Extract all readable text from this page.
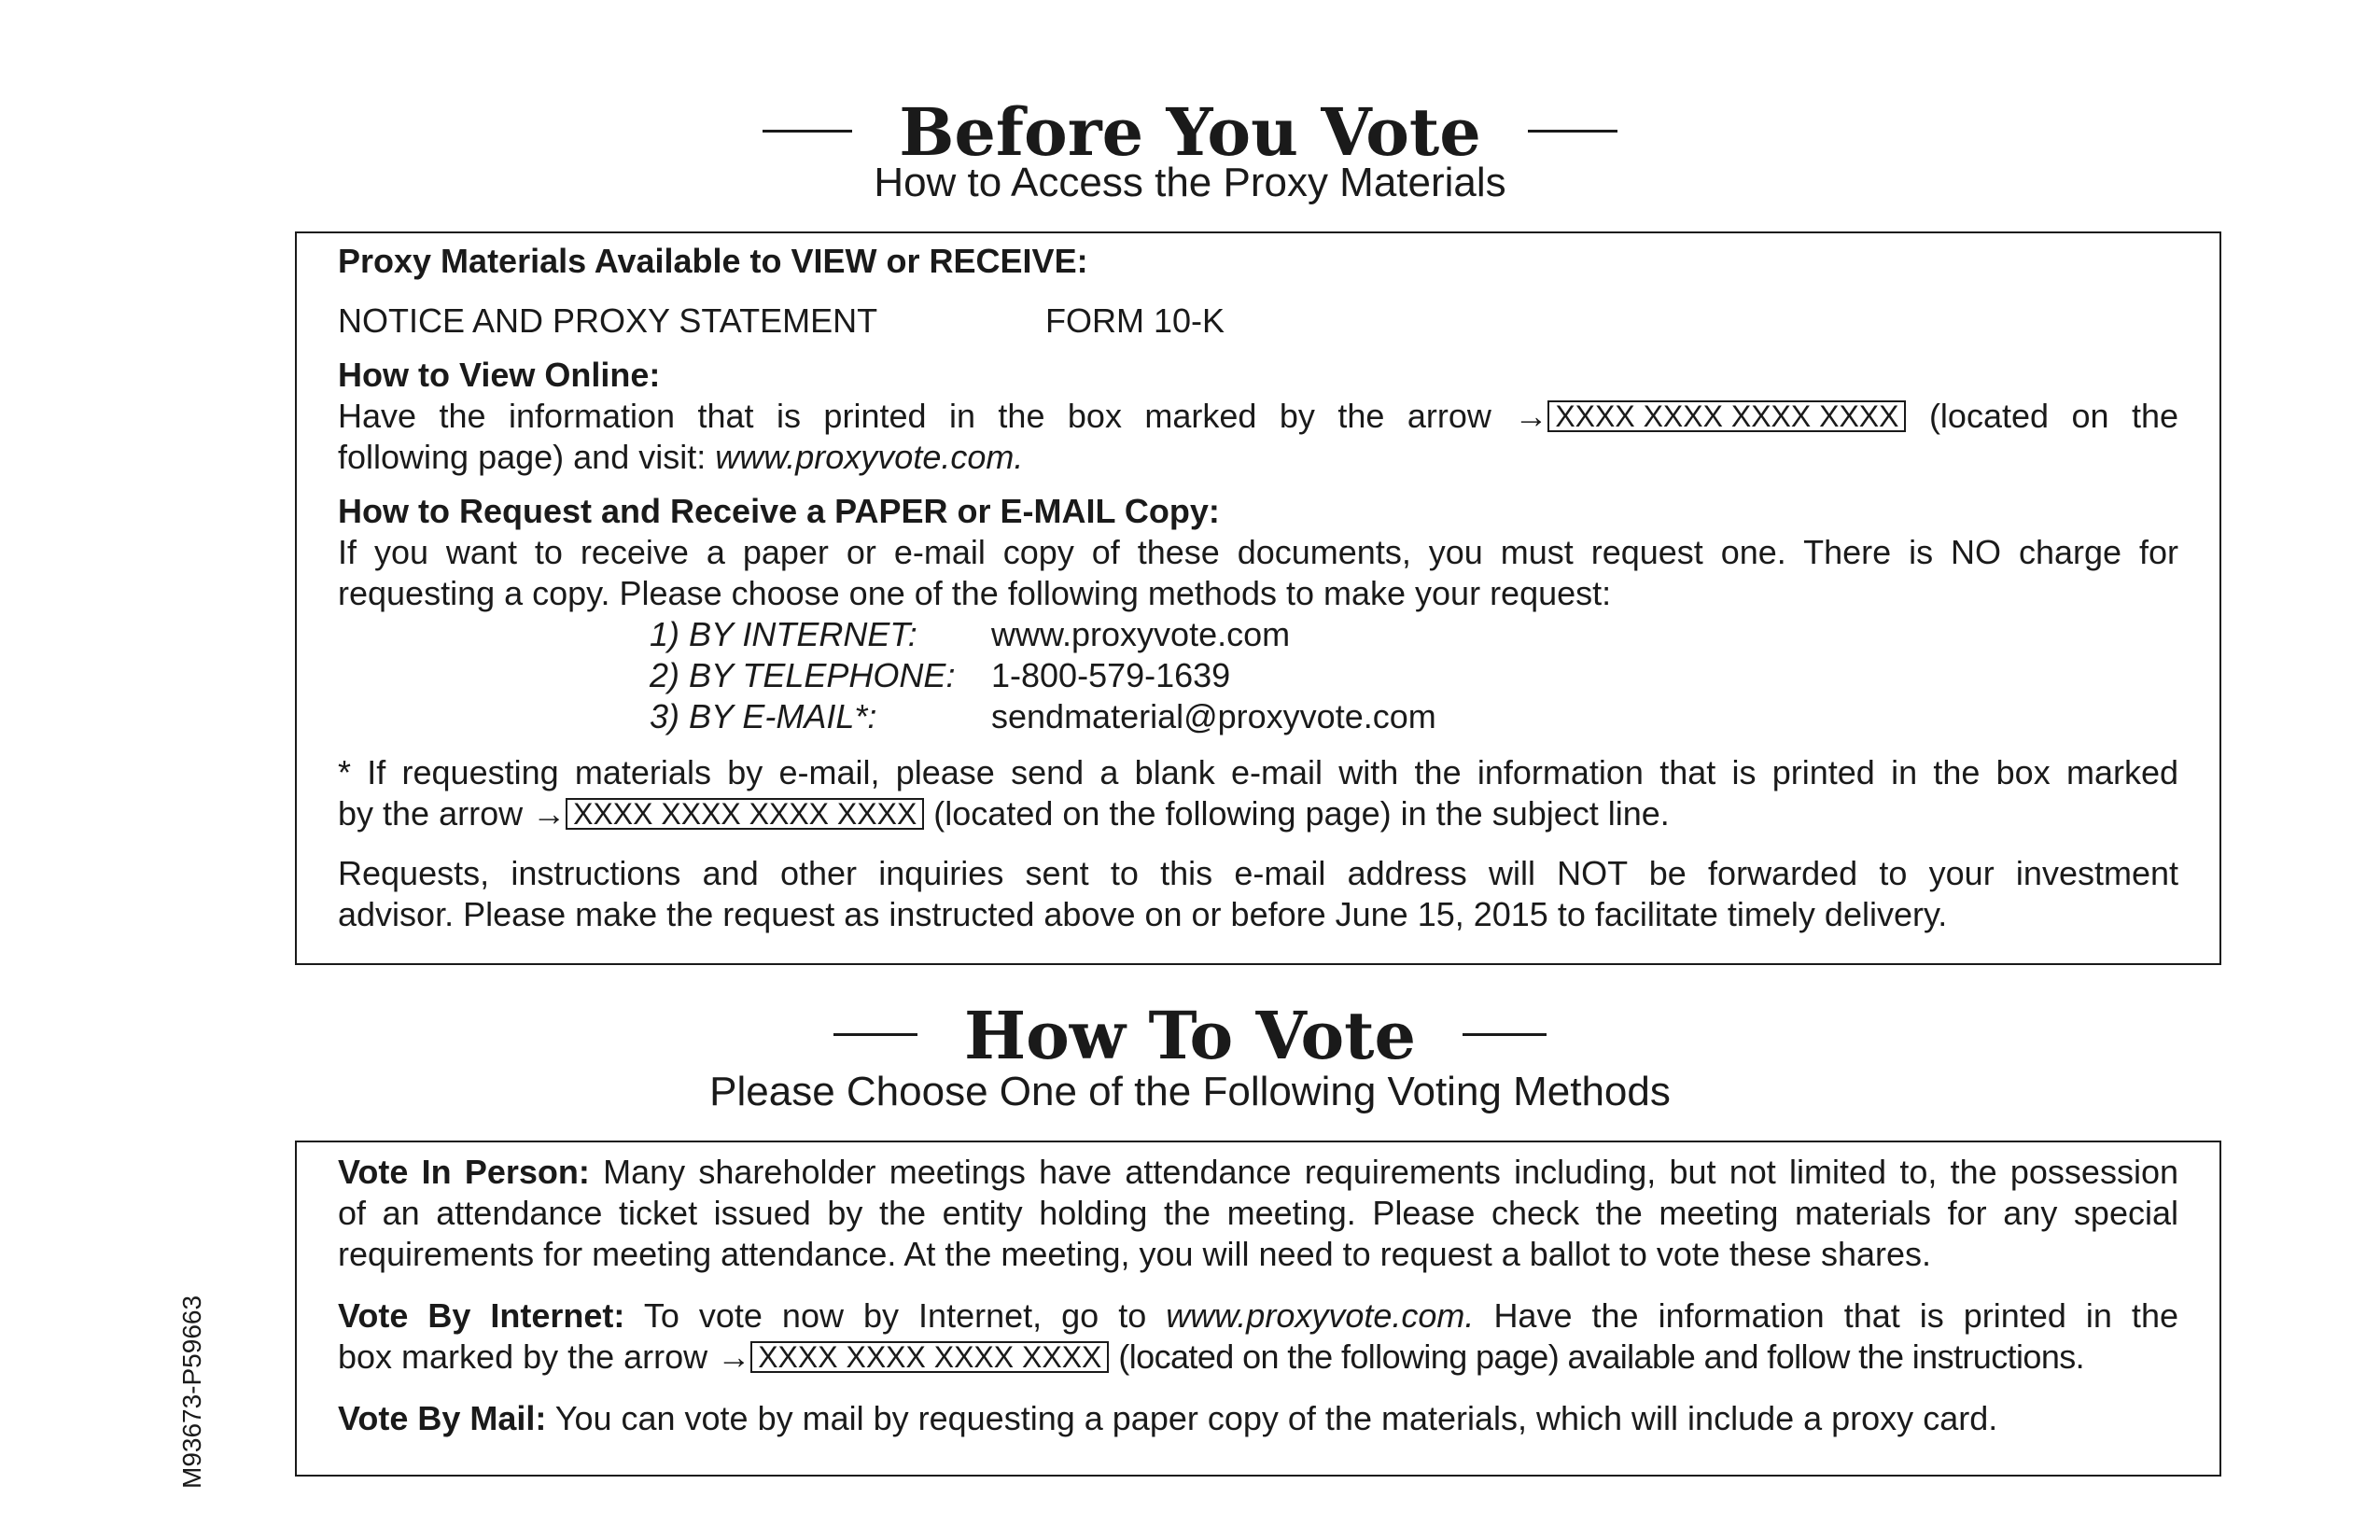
Before You Vote
How to Access the Proxy Materials
Proxy Materials Available to VIEW or RECEIVE:
NOTICE AND PROXY STATEMENT	FORM 10-K
How to View Online:
Have the information that is printed in the box marked by the arrow → XXXX XXXX XXXX XXXX (located on the
following page) and visit: www.proxyvote.com.
How to Request and Receive a PAPER or E-MAIL Copy:
If you want to receive a paper or e-mail copy of these documents, you must request one. There is NO charge for
requesting a copy. Please choose one of the following methods to make your request:
1) BY INTERNET: www.proxyvote.com
2) BY TELEPHONE: 1-800-579-1639
3) BY E-MAIL*:	sendmaterial@proxyvote.com
* If requesting materials by e-mail, please send a blank e-mail with the information that is printed in the box marked
by the arrow → XXXX XXXX XXXX XXXX (located on the following page) in the subject line.
Requests, instructions and other inquiries sent to this e-mail address will NOT be forwarded to your investment
advisor. Please make the request as instructed above on or before June 15, 2015 to facilitate timely delivery.
How To Vote
Please Choose One of the Following Voting Methods
Vote In Person: Many shareholder meetings have attendance requirements including, but not limited to, the possession
of an attendance ticket issued by the entity holding the meeting. Please check the meeting materials for any special
requirements for meeting attendance. At the meeting, you will need to request a ballot to vote these shares.
Vote By Internet: To vote now by Internet, go to www.proxyvote.com. Have the information that is printed in the
box marked by the arrow → XXXX XXXX XXXX XXXX (located on the following page) available and follow the instructions.
Vote By Mail: You can vote by mail by requesting a paper copy of the materials, which will include a proxy card.
M93673-P59663
